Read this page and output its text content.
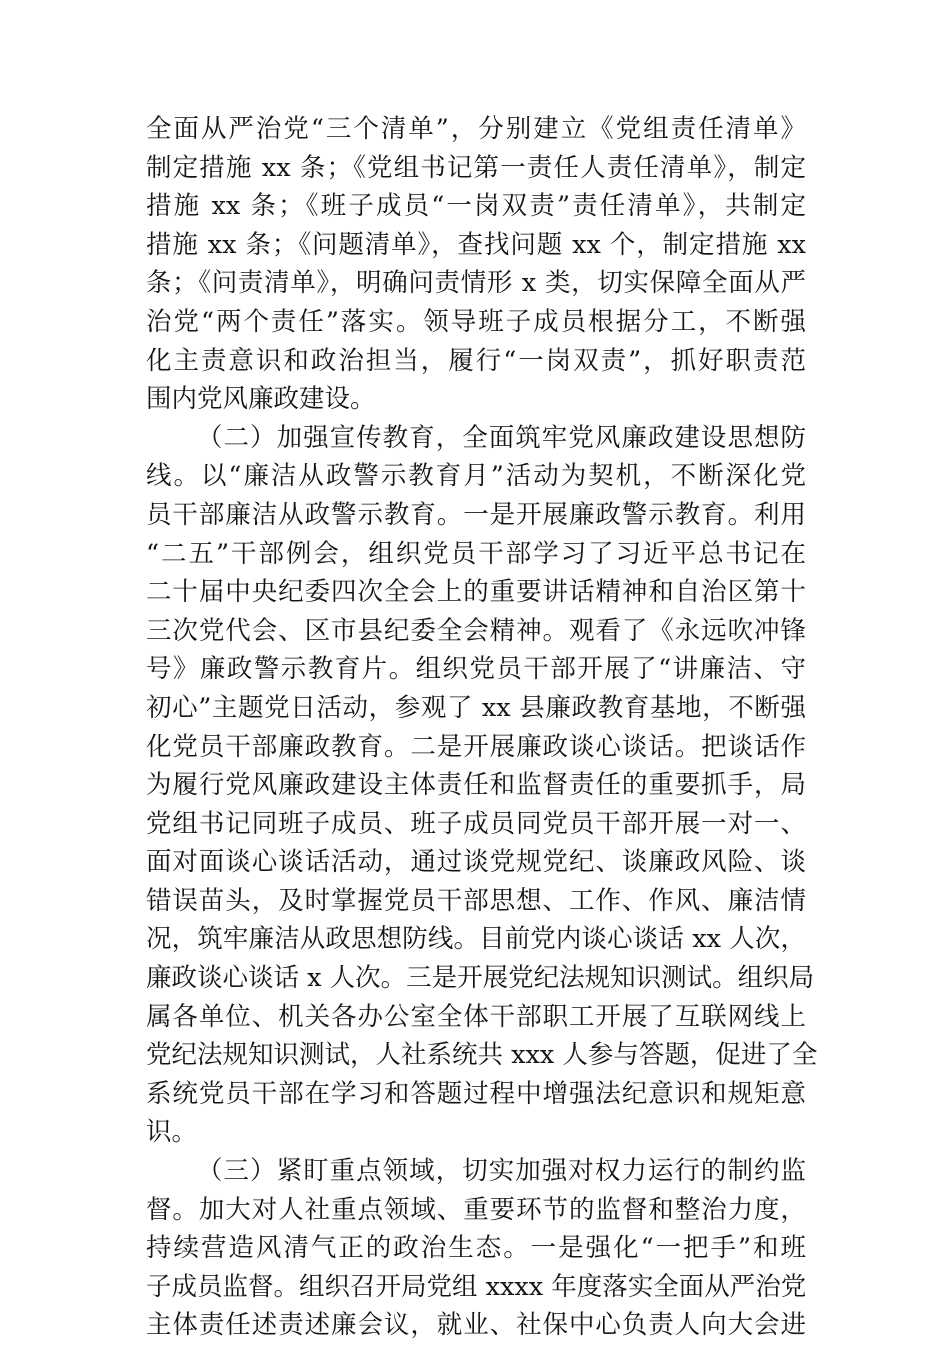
全面从严治党“三个清单”，分别建立《党组责任清单》
制定措施 xx 条；《党组书记第一责任人责任清单》，制定
措施 xx 条；《班子成员“一岗双责”责任清单》，共制定
措施 xx 条；《问题清单》，查找问题 xx 个，制定措施 xx
条；《问责清单》，明确问责情形 x 类，切实保障全面从严
治党“两个责任”落实。领导班子成员根据分工，不断强
化主责意识和政治担当，履行“一岗双责”，抓好职责范
围内党风廉政建设。
（二）加强宣传教育，全面筑牢党风廉政建设思想防
线。以“廉洁从政警示教育月”活动为契机，不断深化党
员干部廉洁从政警示教育。一是开展廉政警示教育。利用
“二五”干部例会，组织党员干部学习了习近平总书记在
二十届中央纪委四次全会上的重要讲话精神和自治区第十
三次党代会、区市县纪委全会精神。观看了《永远吹冲锋
号》廉政警示教育片。组织党员干部开展了“讲廉洁、守
初心”主题党日活动，参观了 xx 县廉政教育基地，不断强
化党员干部廉政教育。二是开展廉政谈心谈话。把谈话作
为履行党风廉政建设主体责任和监督责任的重要抓手，局
党组书记同班子成员、班子成员同党员干部开展一对一、
面对面谈心谈话活动，通过谈党规党纪、谈廉政风险、谈
错误苗头，及时掌握党员干部思想、工作、作风、廉洁情
况，筑牢廉洁从政思想防线。目前党内谈心谈话 xx 人次，
廉政谈心谈话 x 人次。三是开展党纪法规知识测试。组织局
属各单位、机关各办公室全体干部职工开展了互联网线上
党纪法规知识测试，人社系统共 xxx 人参与答题，促进了全
系统党员干部在学习和答题过程中增强法纪意识和规矩意
识。
（三）紧盯重点领域，切实加强对权力运行的制约监
督。加大对人社重点领域、重要环节的监督和整治力度，
持续营造风清气正的政治生态。一是强化“一把手”和班
子成员监督。组织召开局党组 xxxx 年度落实全面从严治党
主体责任述责述廉会议，就业、社保中心负责人向大会进
